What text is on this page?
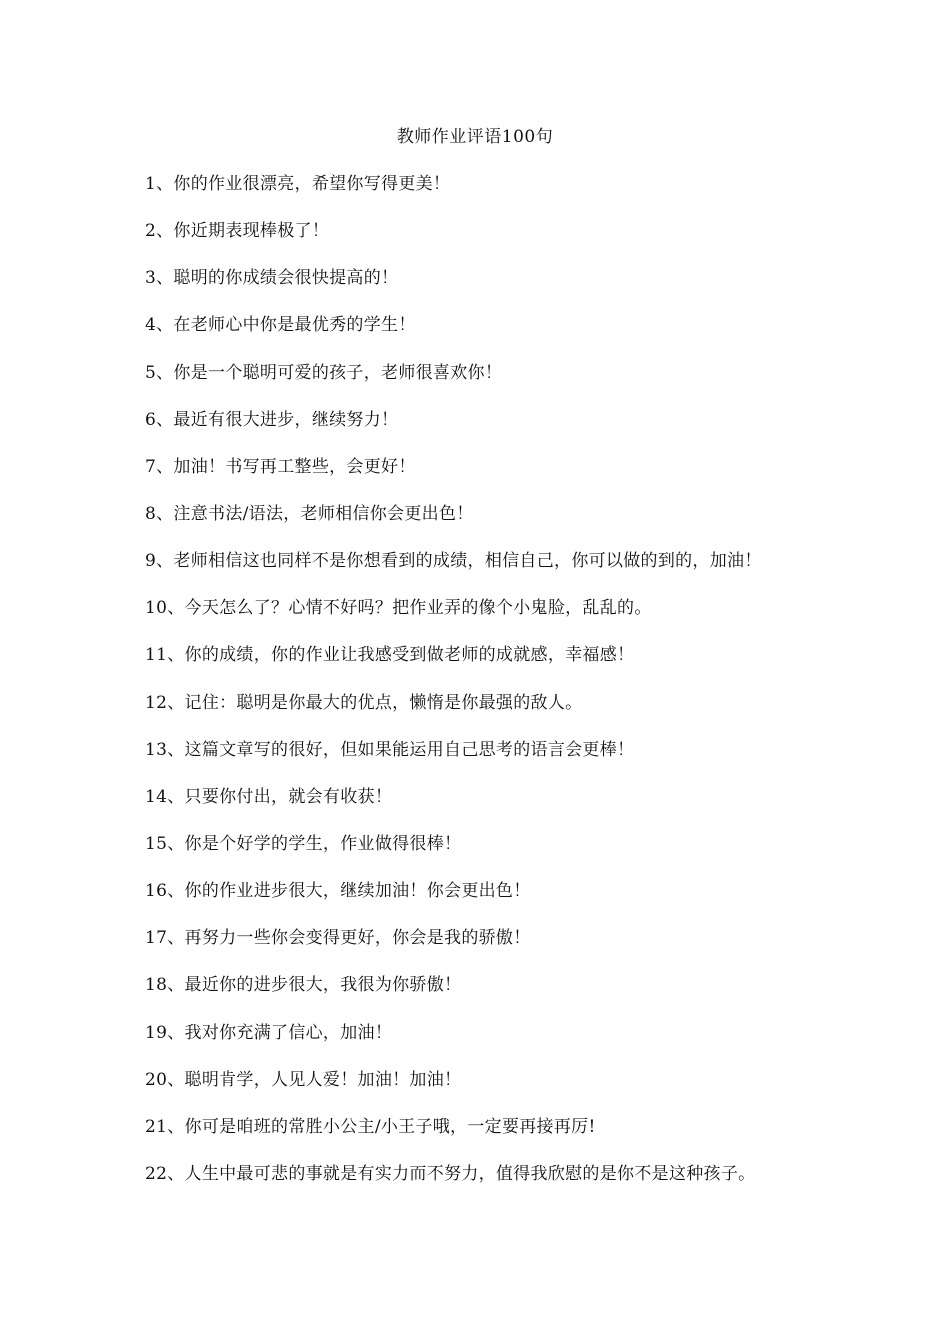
教师作业评语100句
1、你的作业很漂亮，希望你写得更美！
2、你近期表现棒极了！
3、聪明的你成绩会很快提高的！
4、在老师心中你是最优秀的学生！
5、你是一个聪明可爱的孩子，老师很喜欢你！
6、最近有很大进步，继续努力！
7、加油！书写再工整些，会更好！
8、注意书法/语法，老师相信你会更出色！
9、老师相信这也同样不是你想看到的成绩，相信自己，你可以做的到的，加油！
10、今天怎么了？心情不好吗？把作业弄的像个小鬼脸，乱乱的。
11、你的成绩，你的作业让我感受到做老师的成就感，幸福感！
12、记住：聪明是你最大的优点，懒惰是你最强的敌人。
13、这篇文章写的很好，但如果能运用自己思考的语言会更棒！
14、只要你付出，就会有收获！
15、你是个好学的学生，作业做得很棒！
16、你的作业进步很大，继续加油！你会更出色！
17、再努力一些你会变得更好，你会是我的骄傲！
18、最近你的进步很大，我很为你骄傲！
19、我对你充满了信心，加油！
20、聪明肯学，人见人爱！加油！加油！
21、你可是咱班的常胜小公主/小王子哦，一定要再接再厉!
22、人生中最可悲的事就是有实力而不努力，值得我欣慰的是你不是这种孩子。
